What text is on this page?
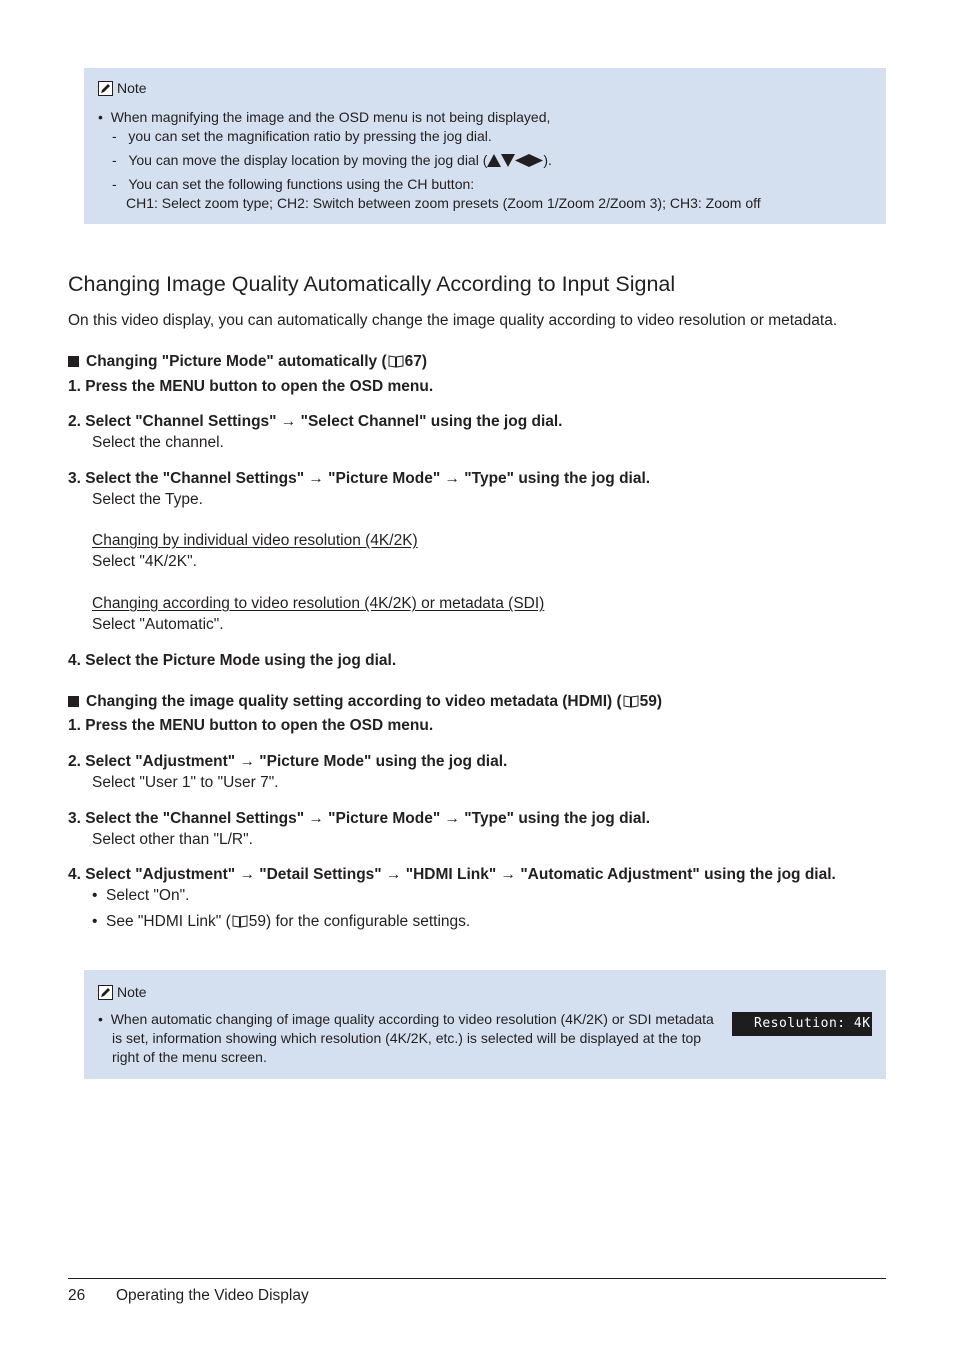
Note
•  When magnifying the image and the OSD menu is not being displayed,
-   you can set the magnification ratio by pressing the jog dial.
-   You can move the display location by moving the jog dial (	).
-   You can set the following functions using the CH button:
CH1: Select zoom type; CH2: Switch between zoom presets (Zoom 1/Zoom 2/Zoom 3); CH3: Zoom off
Changing Image Quality Automatically According to Input Signal
On this video display, you can automatically change the image quality according to video resolution or metadata.
Changing "Picture Mode" automatically ( 67)
1. Press the MENU button to open the OSD menu.
2. Select "Channel Settings" → "Select Channel" using the jog dial.
Select the channel.
3. Select the "Channel Settings" → "Picture Mode" → "Type" using the jog dial.
Select the Type.
Changing by individual video resolution (4K/2K)
Select "4K/2K".
Changing according to video resolution (4K/2K) or metadata (SDI)
Select "Automatic".
4. Select the Picture Mode using the jog dial.
Changing the image quality setting according to video metadata (HDMI) ( 59)
1. Press the MENU button to open the OSD menu.
2. Select "Adjustment" → "Picture Mode" using the jog dial.
Select "User 1" to "User 7".
3. Select the "Channel Settings" → "Picture Mode" → "Type" using the jog dial.
Select other than "L/R".
4. Select "Adjustment" → "Detail Settings" → "HDMI Link" → "Automatic Adjustment" using the jog dial.
•  Select "On".
•  See "HDMI Link" ( 59) for the configurable settings.
Note
•  When automatic changing of image quality according to video resolution (4K/2K) or SDI metadata
is set, information showing which resolution (4K/2K, etc.) is selected will be displayed at the top
right of the menu screen.
Resolution: 4K
26 Operating the Video Display
